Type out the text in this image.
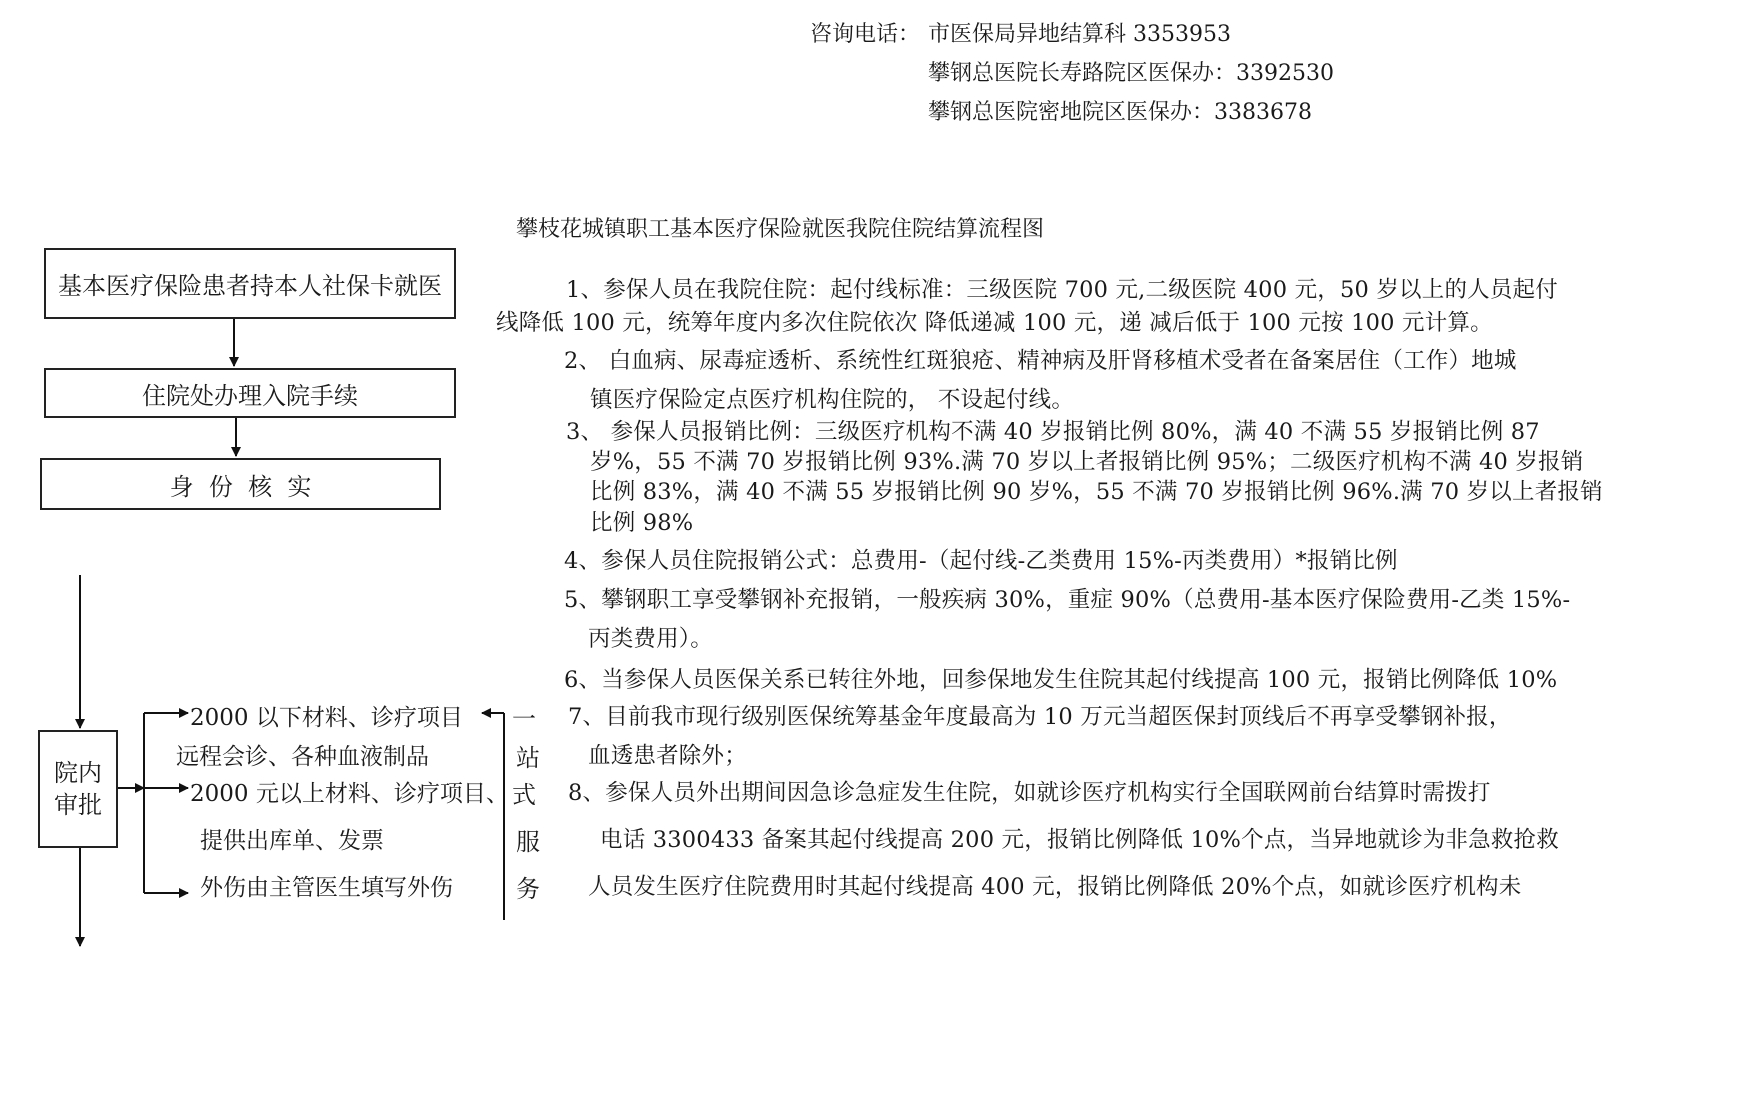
咨询电话： 市医保局异地结算科 3353953
攀钢总医院长寿路院区医保办：3392530
攀钢总医院密地院区医保办：3383678
攀枝花城镇职工基本医疗保险就医我院住院结算流程图
基本医疗保险患者持本人社保卡就医
住院处办理入院手续
身  份  核  实
院内
审批
2000 以下材料、诊疗项目
远程会诊、各种血液制品
2000 元以上材料、诊疗项目、
提供出库单、发票
外伤由主管医生填写外伤
一
站
式
服
务
1、参保人员在我院住院：起付线标准：三级医院 700 元,二级医院 400 元，50 岁以上的人员起付
线降低 100 元，统筹年度内多次住院依次 降低递减 100 元，递 减后低于 100 元按 100 元计算。
2、 白血病、尿毒症透析、系统性红斑狼疮、精神病及肝肾移植术受者在备案居住（工作）地城
镇医疗保险定点医疗机构住院的， 不设起付线。
3、 参保人员报销比例：三级医疗机构不满 40 岁报销比例 80%，满 40 不满 55 岁报销比例 87
岁%，55 不满 70 岁报销比例 93%.满 70 岁以上者报销比例 95%；二级医疗机构不满 40 岁报销
比例 83%，满 40 不满 55 岁报销比例 90 岁%，55 不满 70 岁报销比例 96%.满 70 岁以上者报销
比例 98%
4、参保人员住院报销公式：总费用-（起付线-乙类费用 15%-丙类费用）*报销比例
5、攀钢职工享受攀钢补充报销，一般疾病 30%，重症 90%（总费用-基本医疗保险费用-乙类 15%-
丙类费用）。
6、当参保人员医保关系已转往外地，回参保地发生住院其起付线提高 100 元，报销比例降低 10%
7、目前我市现行级别医保统筹基金年度最高为 10 万元当超医保封顶线后不再享受攀钢补报，
血透患者除外；
8、参保人员外出期间因急诊急症发生住院，如就诊医疗机构实行全国联网前台结算时需拨打
电话 3300433 备案其起付线提高 200 元，报销比例降低 10%个点，当异地就诊为非急救抢救
人员发生医疗住院费用时其起付线提高 400 元，报销比例降低 20%个点，如就诊医疗机构未
